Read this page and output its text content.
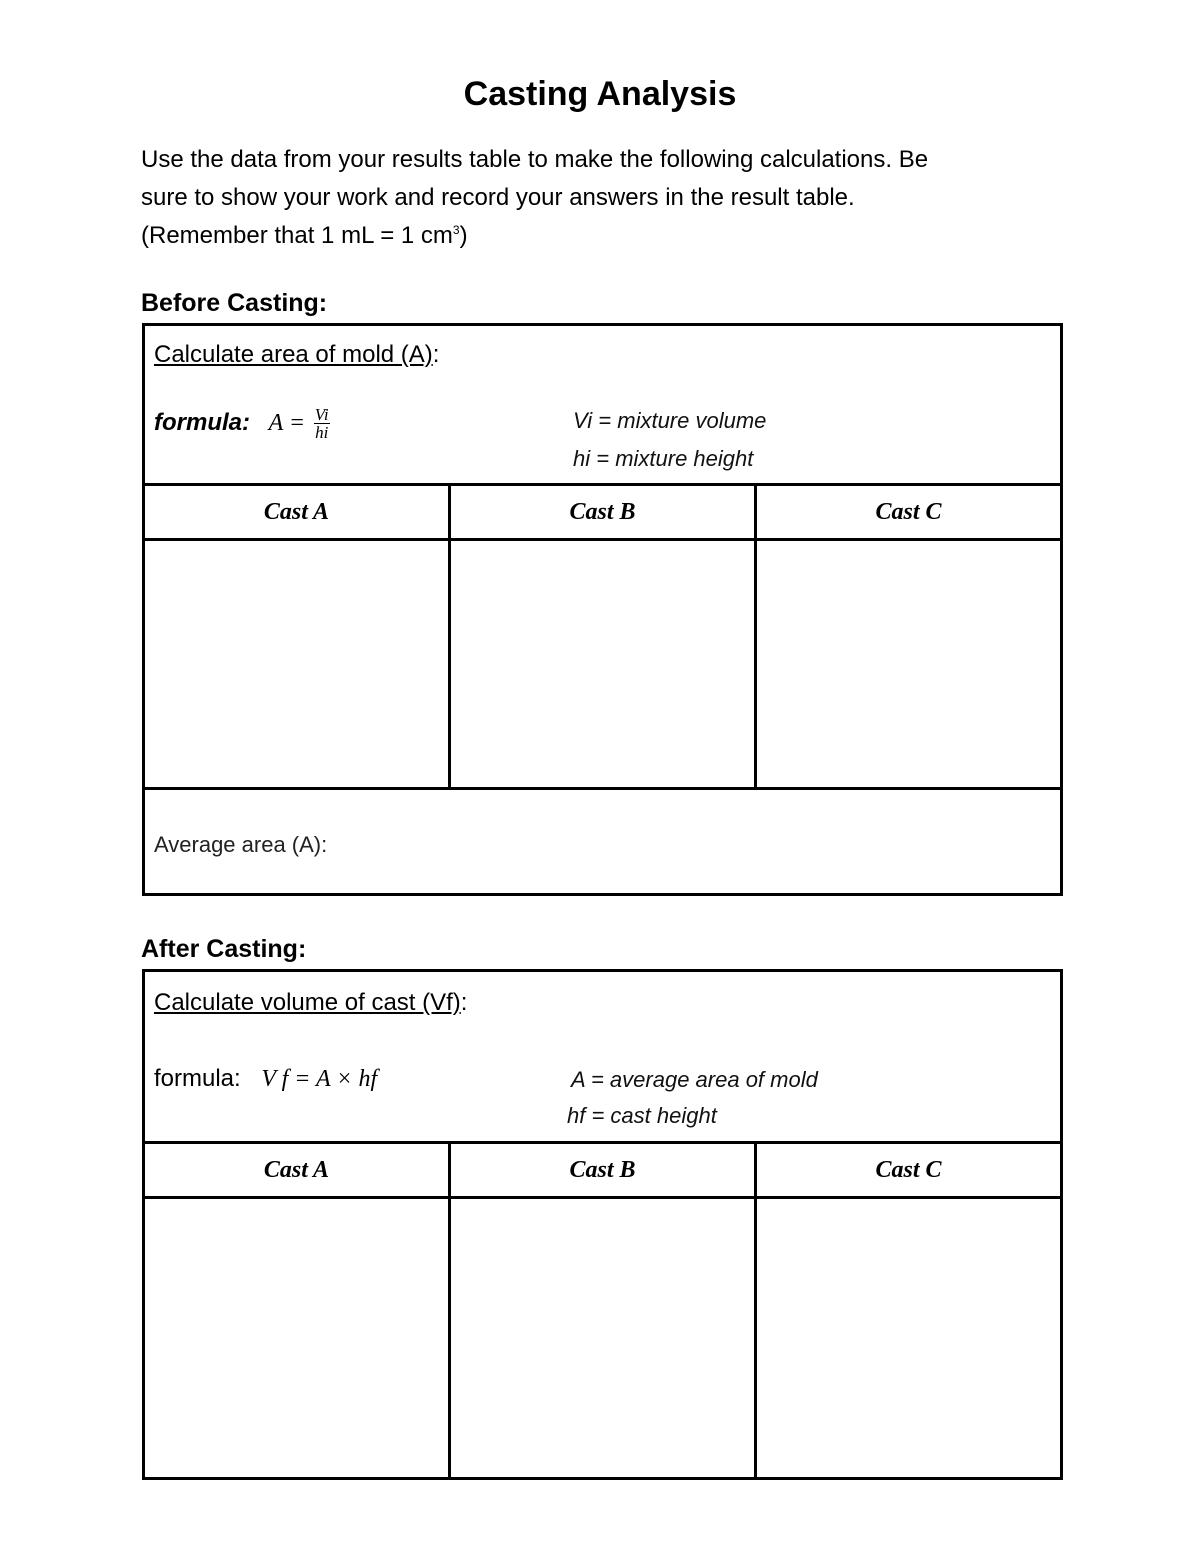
Casting Analysis

Use the data from your results table to make the following calculations. Be

sure to show your work and record your answers in the result table.

(Remember that 1 mL = 1 $cm^3$)

Before Casting:
Calculate area of mold (A):
formula: $A = \frac{Vi}{hi}$	Vi = mixture volume
hi = mixture height
Cast A	Cast B	Cast C
Average area (A):
After Casting:
Calculate volume of cast (Vf):
formula: V f = A × hf	A = average area of mold
hf = cast height
Cast A	Cast B	Cast C
